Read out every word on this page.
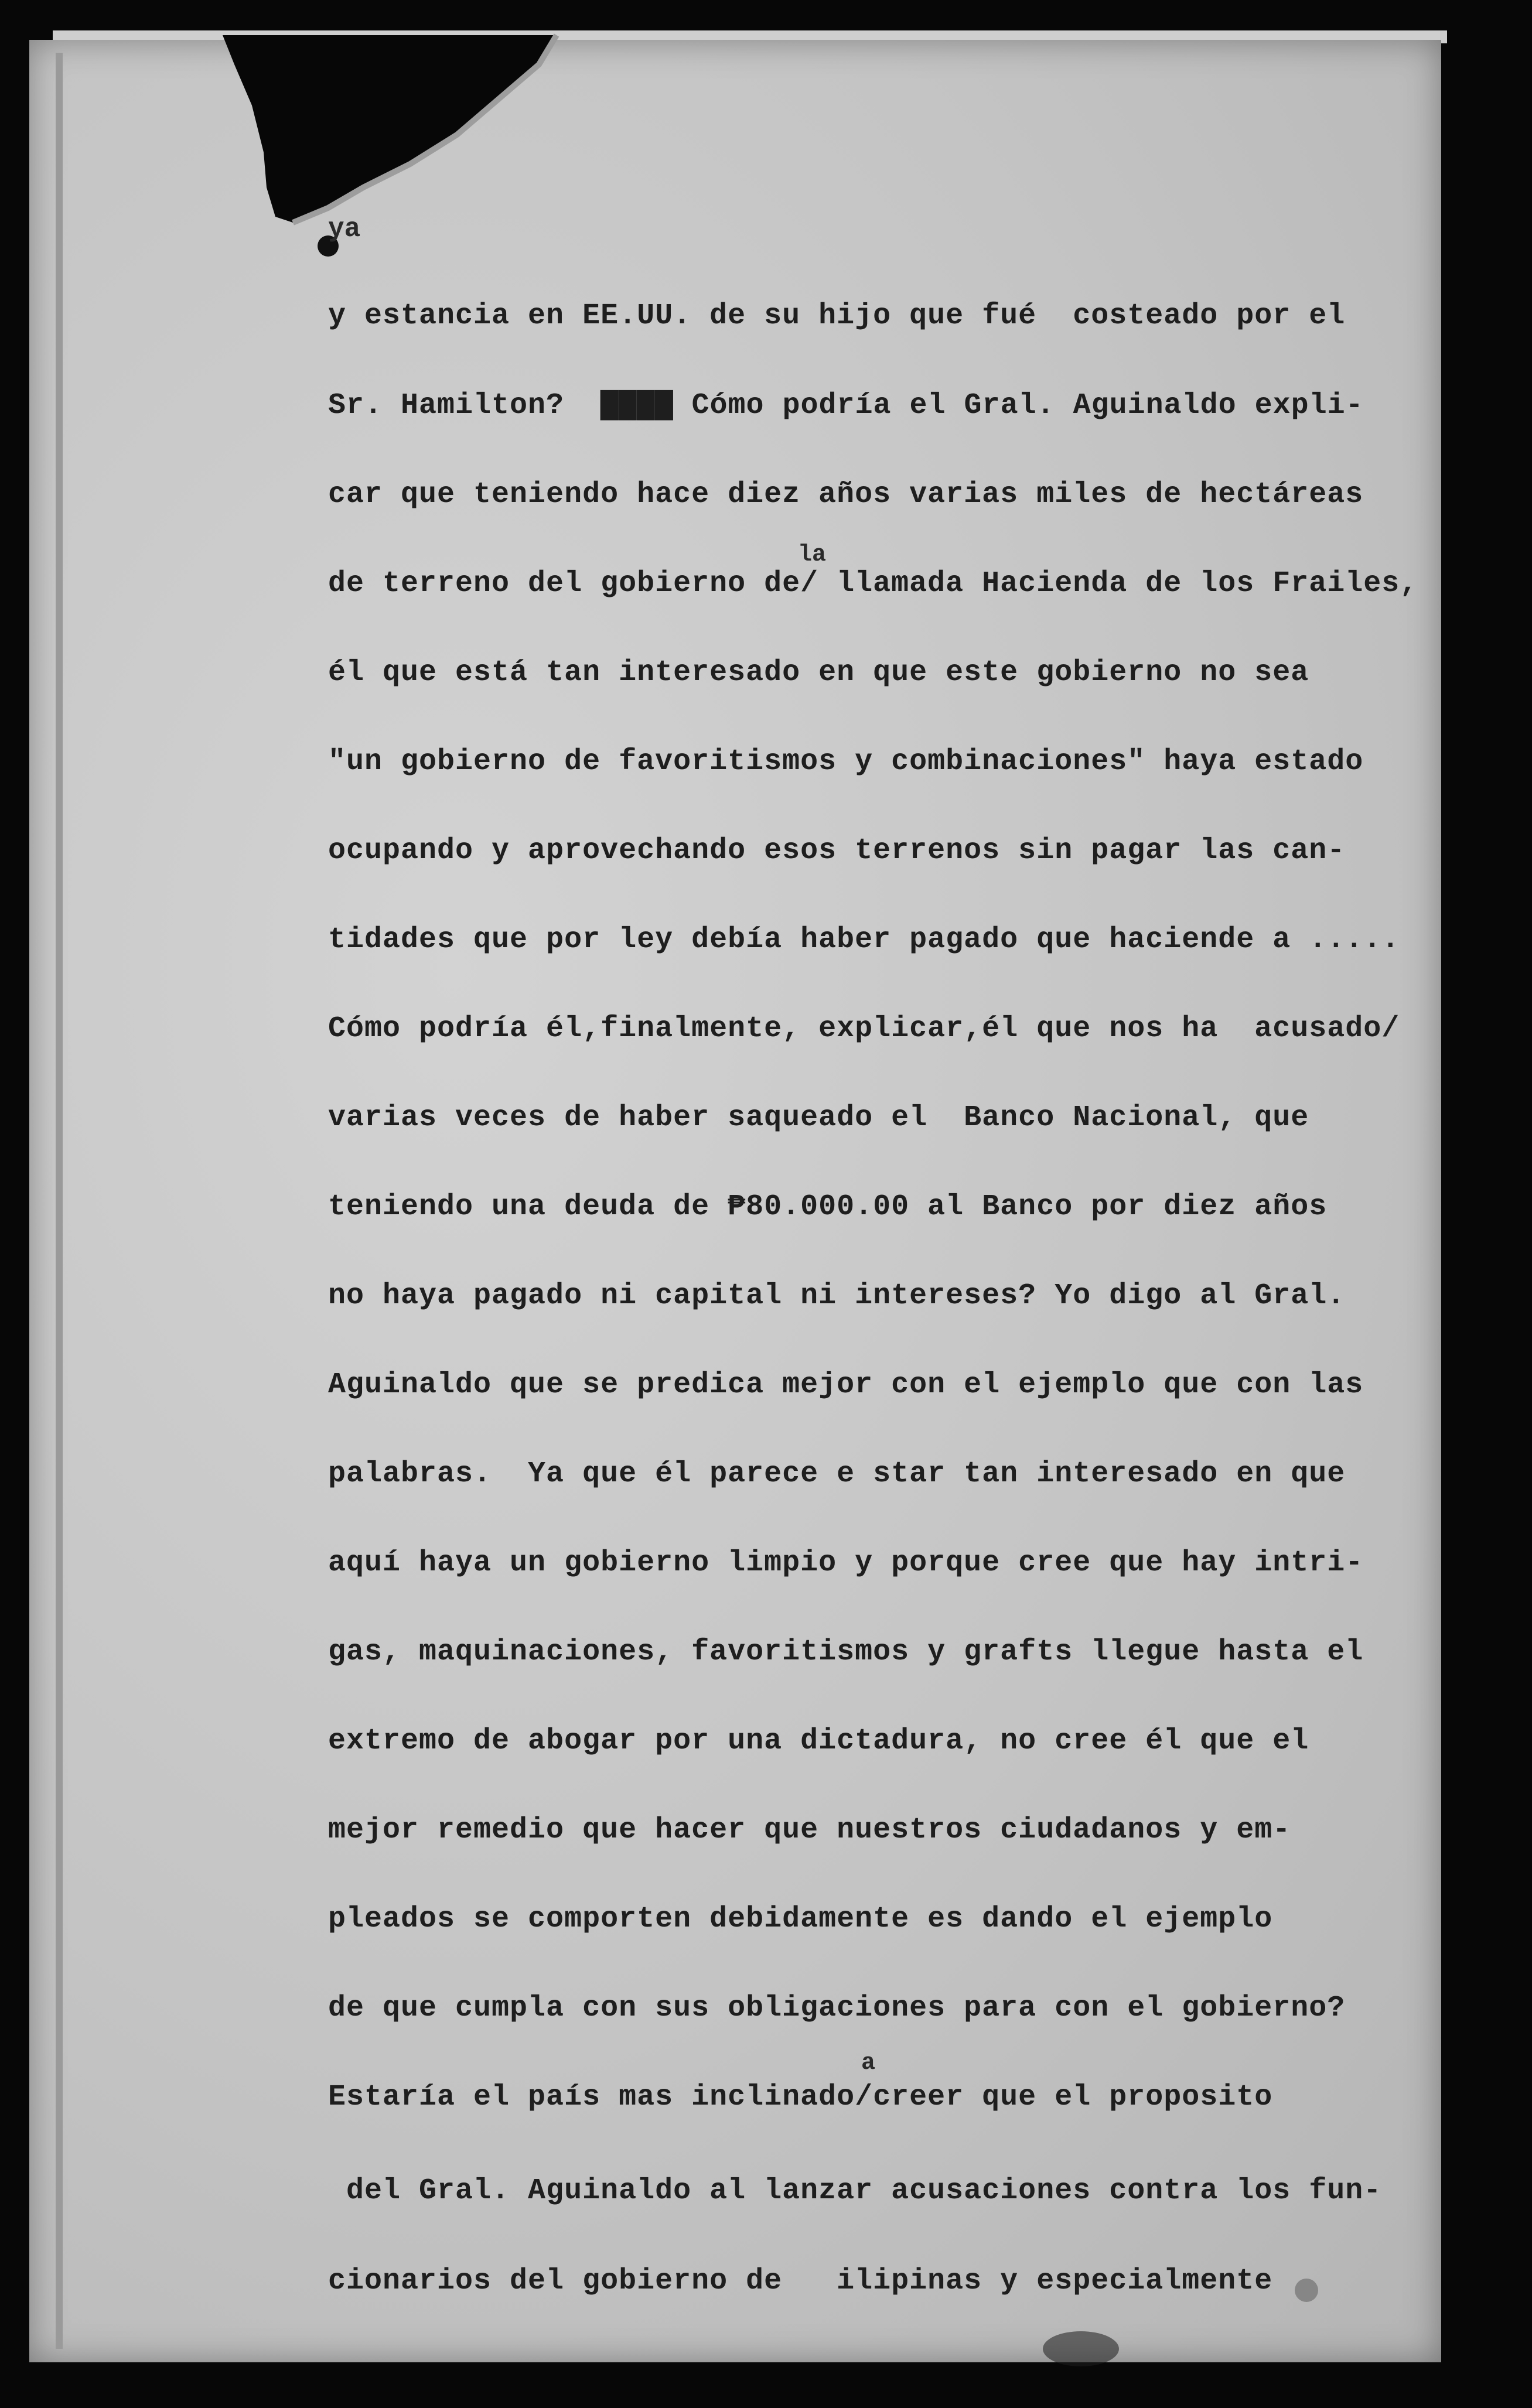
ya
la
a
y estancia en EE.UU. de su hijo que fué  costeado por el
Sr. Hamilton?  ▇▇▇▇ Cómo podría el Gral. Aguinaldo expli-
car que teniendo hace diez años varias miles de hectáreas
de terreno del gobierno de/ llamada Hacienda de los Frailes,
él que está tan interesado en que este gobierno no sea
"un gobierno de favoritismos y combinaciones" haya estado
ocupando y aprovechando esos terrenos sin pagar las can-
tidades que por ley debía haber pagado que haciende a .....
Cómo podría él,finalmente, explicar,él que nos ha  acusado/
varias veces de haber saqueado el  Banco Nacional, que
teniendo una deuda de ₱80.000.00 al Banco por diez años
no haya pagado ni capital ni intereses? Yo digo al Gral.
Aguinaldo que se predica mejor con el ejemplo que con las
palabras.  Ya que él parece e star tan interesado en que
aquí haya un gobierno limpio y porque cree que hay intri-
gas, maquinaciones, favoritismos y grafts llegue hasta el
extremo de abogar por una dictadura, no cree él que el
mejor remedio que hacer que nuestros ciudadanos y em-
pleados se comporten debidamente es dando el ejemplo
de que cumpla con sus obligaciones para con el gobierno?
Estaría el país mas inclinado/creer que el proposito
del Gral. Aguinaldo al lanzar acusaciones contra los fun-
cionarios del gobierno de   ilipinas y especialmente
